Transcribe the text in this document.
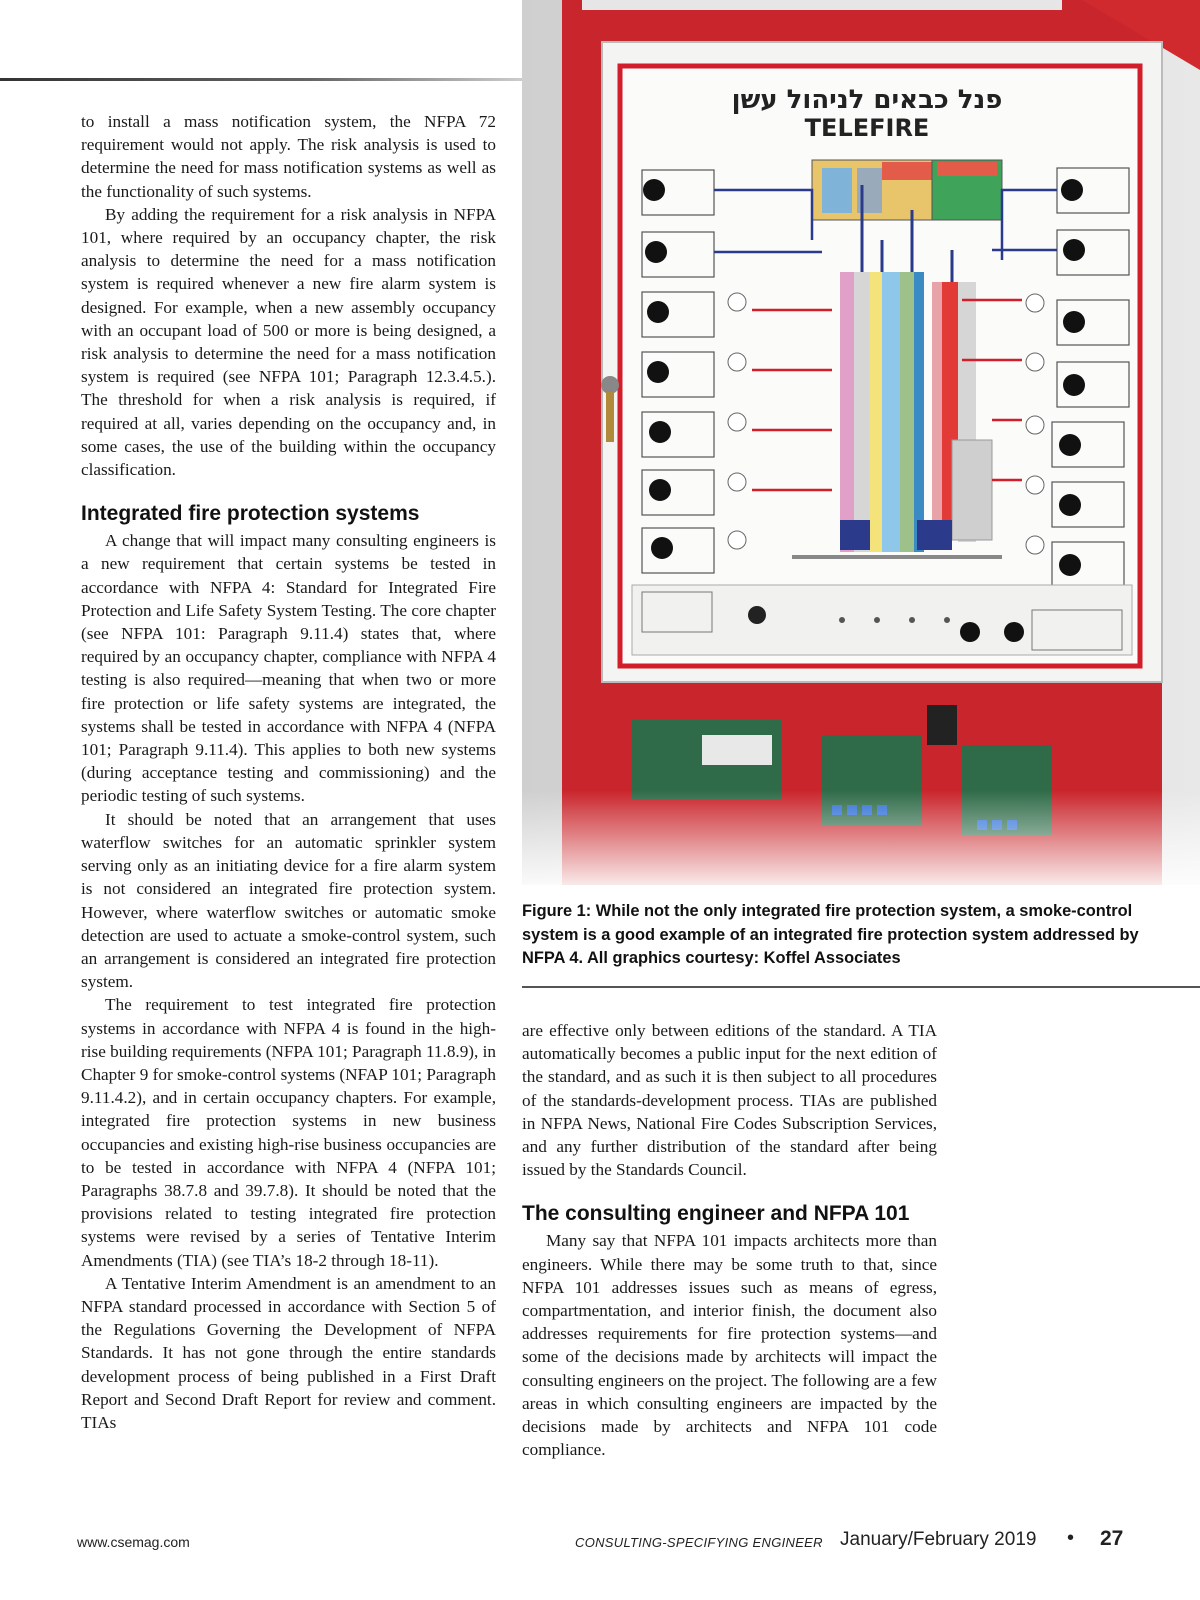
to install a mass notification system, the NFPA 72 requirement would not apply. The risk analysis is used to determine the need for mass notification systems as well as the functionality of such systems.

By adding the requirement for a risk analysis in NFPA 101, where required by an occupancy chapter, the risk analysis to determine the need for a mass notification system is required whenever a new fire alarm system is designed. For example, when a new assembly occupancy with an occupant load of 500 or more is being designed, a risk analysis to determine the need for a mass notification system is required (see NFPA 101; Paragraph 12.3.4.5.). The threshold for when a risk analysis is required, if required at all, varies depending on the occupancy and, in some cases, the use of the building within the occupancy classification.

Integrated fire protection systems

A change that will impact many consulting engineers is a new requirement that certain systems be tested in accordance with NFPA 4: Standard for Integrated Fire Protection and Life Safety System Testing. The core chapter (see NFPA 101: Paragraph 9.11.4) states that, where required by an occupancy chapter, compliance with NFPA 4 testing is also required—meaning that when two or more fire protection or life safety systems are integrated, the systems shall be tested in accordance with NFPA 4 (NFPA 101; Paragraph 9.11.4). This applies to both new systems (during acceptance testing and commissioning) and the periodic testing of such systems.

It should be noted that an arrangement that uses waterflow switches for an automatic sprinkler system serving only as an initiating device for a fire alarm system is not considered an integrated fire protection system. However, where waterflow switches or automatic smoke detection are used to actuate a smoke-control system, such an arrangement is considered an integrated fire protection system.

The requirement to test integrated fire protection systems in accordance with NFPA 4 is found in the high-rise building requirements (NFPA 101; Paragraph 11.8.9), in Chapter 9 for smoke-control systems (NFAP 101; Paragraph 9.11.4.2), and in certain occupancy chapters. For example, integrated fire protection systems in new business occupancies and existing high-rise business occupancies are to be tested in accordance with NFPA 4 (NFPA 101; Paragraphs 38.7.8 and 39.7.8). It should be noted that the provisions related to testing integrated fire protection systems were revised by a series of Tentative Interim Amendments (TIA) (see TIA’s 18-2 through 18-11).

A Tentative Interim Amendment is an amendment to an NFPA standard processed in accordance with Section 5 of the Regulations Governing the Development of NFPA Standards. It has not gone through the entire standards development process of being published in a First Draft Report and Second Draft Report for review and comment. TIAs

פנל כבאים לניהול עשן
TELEFIRE
Figure 1: While not the only integrated fire protection system, a smoke-control system is a good example of an integrated fire protection system addressed by NFPA 4. All graphics courtesy: Koffel Associates

are effective only between editions of the standard. A TIA automatically becomes a public input for the next edition of the standard, and as such it is then subject to all procedures of the standards-development process. TIAs are published in NFPA News, National Fire Codes Subscription Services, and any further distribution of the standard after being issued by the Standards Council.

The consulting engineer and NFPA 101

Many say that NFPA 101 impacts architects more than engineers. While there may be some truth to that, since NFPA 101 addresses issues such as means of egress, compartmentation, and interior finish, the document also addresses requirements for fire protection systems—and some of the decisions made by architects will impact the consulting engineers on the project. The following are a few areas in which consulting engineers are impacted by the decisions made by architects and NFPA 101 code compliance.

www.csemag.com	CONSULTING-SPECIFYING ENGINEER January/February 2019 • 27
